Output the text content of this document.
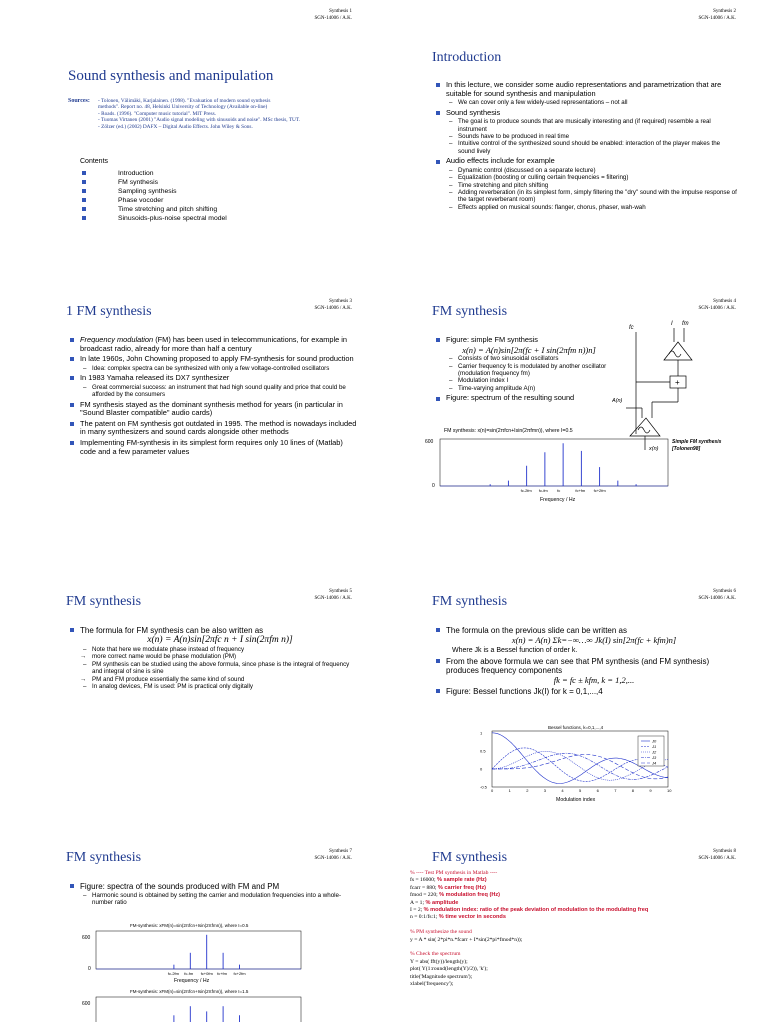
Synthesis 1
SGN-14006 / A.K.
Sound synthesis and manipulation
Sources: - Tolonen, Välimäki, Karjalainen. (1998). "Evaluation of modern sound synthesis
methods". Report no. 48, Helsinki University of Technology (Available on-line)
- Roads. (1996). "Computer music tutorial". MIT Press.
- Tuomas Virtanen (2001) "Audio signal modeling with sinusoids and noise". MSc thesis, TUT.
- Zölzer (ed.) (2002) DAFX – Digital Audio Effects. John Wiley & Sons.
Contents
Introduction
FM synthesis
Sampling synthesis
Phase vocoder
Time stretching and pitch shifting
Sinusoids-plus-noise spectral model
Synthesis 2
SGN-14006 / A.K.
Introduction
In this lecture, we consider some audio representations and parametrization that are suitable for sound synthesis and manipulation
– We can cover only a few widely-used representations – not all
Sound synthesis
– The goal is to produce sounds that are musically interesting and (if required) resemble a real instrument
– Sounds have to be produced in real time
– Intuitive control of the synthesized sound should be enabled: interaction of the player makes the sound lively
Audio effects include for example
– Dynamic control (discussed on a separate lecture)
– Equalization (boosting or culling certain frequencies = filtering)
– Time stretching and pitch shifting
– Adding reverberation (in its simplest form, simply filtering the "dry" sound with the impulse response of the target reverberant room)
– Effects applied on musical sounds: flanger, chorus, phaser, wah-wah
Synthesis 3
SGN-14006 / A.K.
1 FM synthesis
Frequency modulation (FM) has been used in telecommunications, for example in broadcast radio, already for more than half a century
In late 1960s, John Chowning proposed to apply FM-synthesis for sound production
– Idea: complex spectra can be synthesized with only a few voltage-controlled oscillators
In 1983 Yamaha released its DX7 synthesizer
– Great commercial success: an instrument that had high sound quality and price that could be afforded by the consumers
FM synthesis stayed as the dominant synthesis method for years (in particular in "Sound Blaster compatible" audio cards)
The patent on FM synthesis got outdated in 1995. The method is nowadays included in many synthesizers and sound cards alongside other methods
Implementing FM-synthesis in its simplest form requires only 10 lines of (Matlab) code and a few parameter values
Synthesis 4
SGN-14006 / A.K.
FM synthesis
Figure: simple FM synthesis
x(n) = A(n)sin[2π(fc + I sin(2πfm n))n]
– Consists of two sinusoidal oscillators
– Carrier frequency fc is modulated by another oscillator (modulation frequency fm)
– Modulation index I
– Time-varying amplitude A(n)
Figure: spectrum of the resulting sound
fc
I fm
+
A(n)
x(n)
Simple FM synthesis
[Tolonen98]
FM synthesis: x(n)=sin(2πfcn+Isin(2πfmn)), where I=0.5
600
0
fc-2fm fc-fm fc	fc+fm fc+2fm
Frequency / Hz
Synthesis 5
SGN-14006 / A.K.
FM synthesis
The formula for FM synthesis can be also written as
x(n) = A(n)sin[2πfc n + I sin(2πfm n)]
– Note that here we modulate phase instead of frequency
→ more correct name would be phase modulation (PM)
– PM synthesis can be studied using the above formula, since phase is the integral of frequency and integral of sine is sine
→ PM and FM produce essentially the same kind of sound
– In analog devices, FM is used: PM is practical only digitally
Synthesis 6
SGN-14006 / A.K.
FM synthesis
The formula on the previous slide can be written as
x(n) = A(n) Σk=−∞…∞ Jk(I) sin[2π(fc + kfm)n]
Where Jk is a Bessel function of order k.
From the above formula we can see that PM synthesis (and FM synthesis) produces frequency components
fk = fc ± kfm, k = 1,2,...
Figure: Bessel functions Jk(I) for k = 0,1,...,4
Bessel functions, k=0,1,...,4
1
0.5
0
-0.5
0	1	2	3	4	5	6	7	8	9	10
J0
J1
J2
J3
J4
Modulation index
Synthesis 7
SGN-14006 / A.K.
FM synthesis
Figure: spectra of the sounds produced with FM and PM
– Harmonic sound is obtained by setting the carrier and modulation frequencies into a whole-number ratio
FM-synthesis: xFM(n)=sin(2πfcn+Isin(2πfmn)), where I=0.5
600
0
fc-2fm fc-fm fc+0fm fc+fm fc+2fm
Frequency / Hz
FM-synthesis: xFM(n)=sin(2πfcn+Isin(2πfmn)), where I=1.5
600
Synthesis 8
SGN-14006 / A.K.
FM synthesis
% ---- Test PM synthesis in Matlab ----
fs = 16000; % sample rate (Hz)
fcarr = 880; % carrier freq (Hz)
fmod = 220; % modulation freq (Hz)
A = 1; % amplitude
I = 2; % modulation index: ratio of the peak deviation of modulation to the modulating freq
n = 0:1/fs:1; % time vector in seconds

% PM synthesize the sound
y = A * sin( 2*pi*n.*fcarr + I*sin(2*pi*fmod*n));

% Check the spectrum
Y = abs( fft(y))/length(y);
plot( Y(1:round(length(Y)/2)), 'k');
title('Magnitude spectrum');
xlabel('frequency');
